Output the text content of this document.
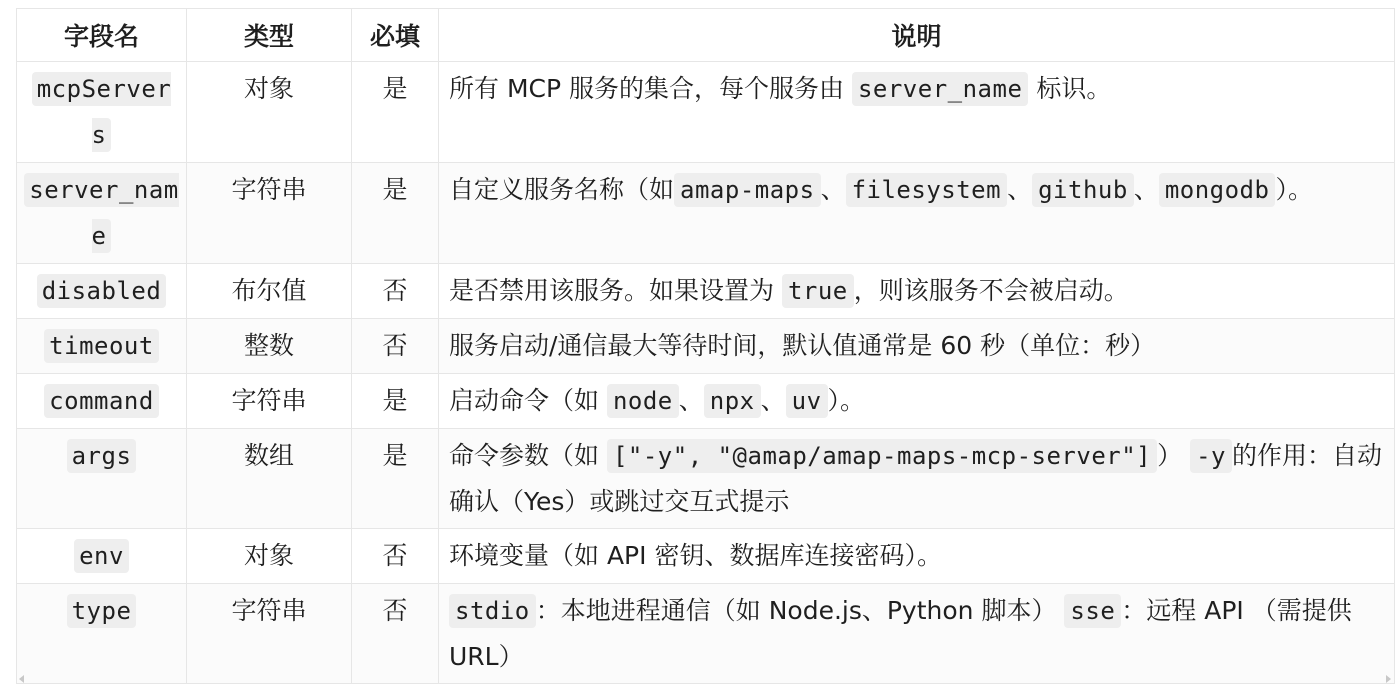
字段名	类型	必填	说明
mcpServers	对象	是	所有 MCP 服务的集合，每个服务由 server_name 标识。
server_name	字符串	是	自定义服务名称（如 amap-maps 、 filesystem 、 github 、 mongodb ）。
disabled	布尔值	否	是否禁用该服务。如果设置为 true ，则该服务不会被启动。
timeout	整数	否	服务启动/通信最大等待时间，默认值通常是 60 秒（单位：秒）
command	字符串	是	启动命令（如 node 、 npx 、 uv ）。
args	数组	是	命令参数（如 ["-y", "@amap/amap-maps-mcp-server"] ） -y 的作用：自动确认（Yes）或跳过交互式提示
env	对象	否	环境变量（如 API 密钥、数据库连接密码）。
type	字符串	否	stdio ：本地进程通信（如 Node.js、Python 脚本） sse ：远程 API （需提供 URL）
